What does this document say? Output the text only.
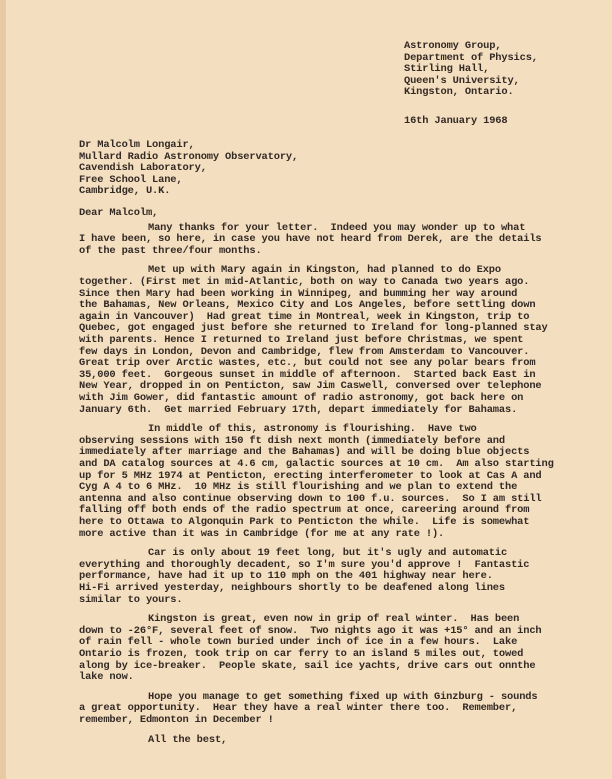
Astronomy Group,
Department of Physics,
Stirling Hall,
Queen's University,
Kingston, Ontario.
16th January 1968
Dr Malcolm Longair,
Mullard Radio Astronomy Observatory,
Cavendish Laboratory,
Free School Lane,
Cambridge, U.K.
Dear Malcolm,
Many thanks for your letter.  Indeed you may wonder up to what
I have been, so here, in case you have not heard from Derek, are the details
of the past three/four months.
Met up with Mary again in Kingston, had planned to do Expo
together. (First met in mid-Atlantic, both on way to Canada two years ago.
Since then Mary had been working in Winnipeg, and bumming her way around
the Bahamas, New Orleans, Mexico City and Los Angeles, before settling down
again in Vancouver)  Had great time in Montreal, week in Kingston, trip to
Quebec, got engaged just before she returned to Ireland for long-planned stay
with parents. Hence I returned to Ireland just before Christmas, we spent
few days in London, Devon and Cambridge, flew from Amsterdam to Vancouver.
Great trip over Arctic wastes, etc., but could not see any polar bears from
35,000 feet.  Gorgeous sunset in middle of afternoon.  Started back East in
New Year, dropped in on Penticton, saw Jim Caswell, conversed over telephone
with Jim Gower, did fantastic amount of radio astronomy, got back here on
January 6th.  Get married February 17th, depart immediately for Bahamas.
In middle of this, astronomy is flourishing.  Have two
observing sessions with 150 ft dish next month (immediately before and
immediately after marriage and the Bahamas) and will be doing blue objects
and DA catalog sources at 4.6 cm, galactic sources at 10 cm.  Am also starting
up for 5 MHz 1974 at Penticton, erecting interferometer to look at Cas A and
Cyg A 4 to 6 MHz.  10 MHz is still flourishing and we plan to extend the
antenna and also continue observing down to 100 f.u. sources.  So I am still
falling off both ends of the radio spectrum at once, careering around from
here to Ottawa to Algonquin Park to Penticton the while.  Life is somewhat
more active than it was in Cambridge (for me at any rate !).
Car is only about 19 feet long, but it's ugly and automatic
everything and thoroughly decadent, so I'm sure you'd approve !  Fantastic
performance, have had it up to 110 mph on the 401 highway near here.
Hi-Fi arrived yesterday, neighbours shortly to be deafened along lines
similar to yours.
Kingston is great, even now in grip of real winter.  Has been
down to -26°F, several feet of snow.  Two nights ago it was +15° and an inch
of rain fell - whole town buried under inch of ice in a few hours.  Lake
Ontario is frozen, took trip on car ferry to an island 5 miles out, towed
along by ice-breaker.  People skate, sail ice yachts, drive cars out onnthe
lake now.
Hope you manage to get something fixed up with Ginzburg - sounds
a great opportunity.  Hear they have a real winter there too.  Remember,
remember, Edmonton in December !
All the best,
